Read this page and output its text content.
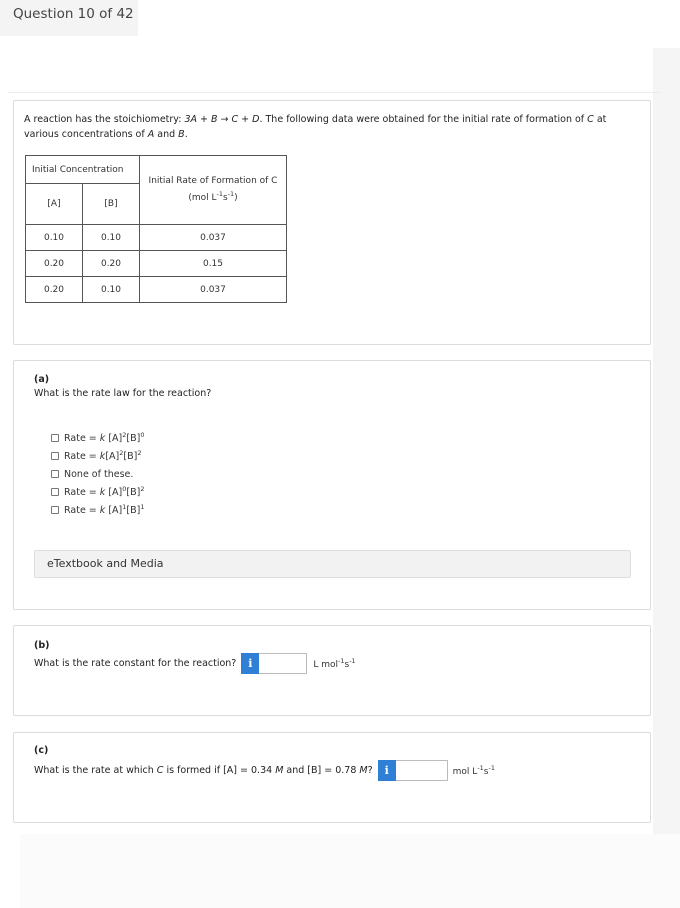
Question 10 of 42
A reaction has the stoichiometry: 3A + B → C + D. The following data were obtained for the initial rate of formation of C at various concentrations of A and B.
Initial Concentration		Initial Rate of Formation of C
(mol $L^{-1}s^{-1}$)

[A]	[B]	
0.10	0.10	0.037
0.20	0.20	0.15
0.20	0.10	0.037
(a)
What is the rate law for the reaction?
Rate = k $[A]^2[B]^0$
Rate = $k[A]^2[B]^2$
None of these.
Rate = k $[A]^0[B]^2$
Rate = k $[A]^1[B]^1$
eTextbook and Media
(b)
What is the rate constant for the reaction?	i	L $mol^{-1}s^{-1}$
(c)
What is the rate at which C is formed if [A] = 0.34 M and [B] = 0.78 M?	i	mol $L^{-1}s^{-1}$
